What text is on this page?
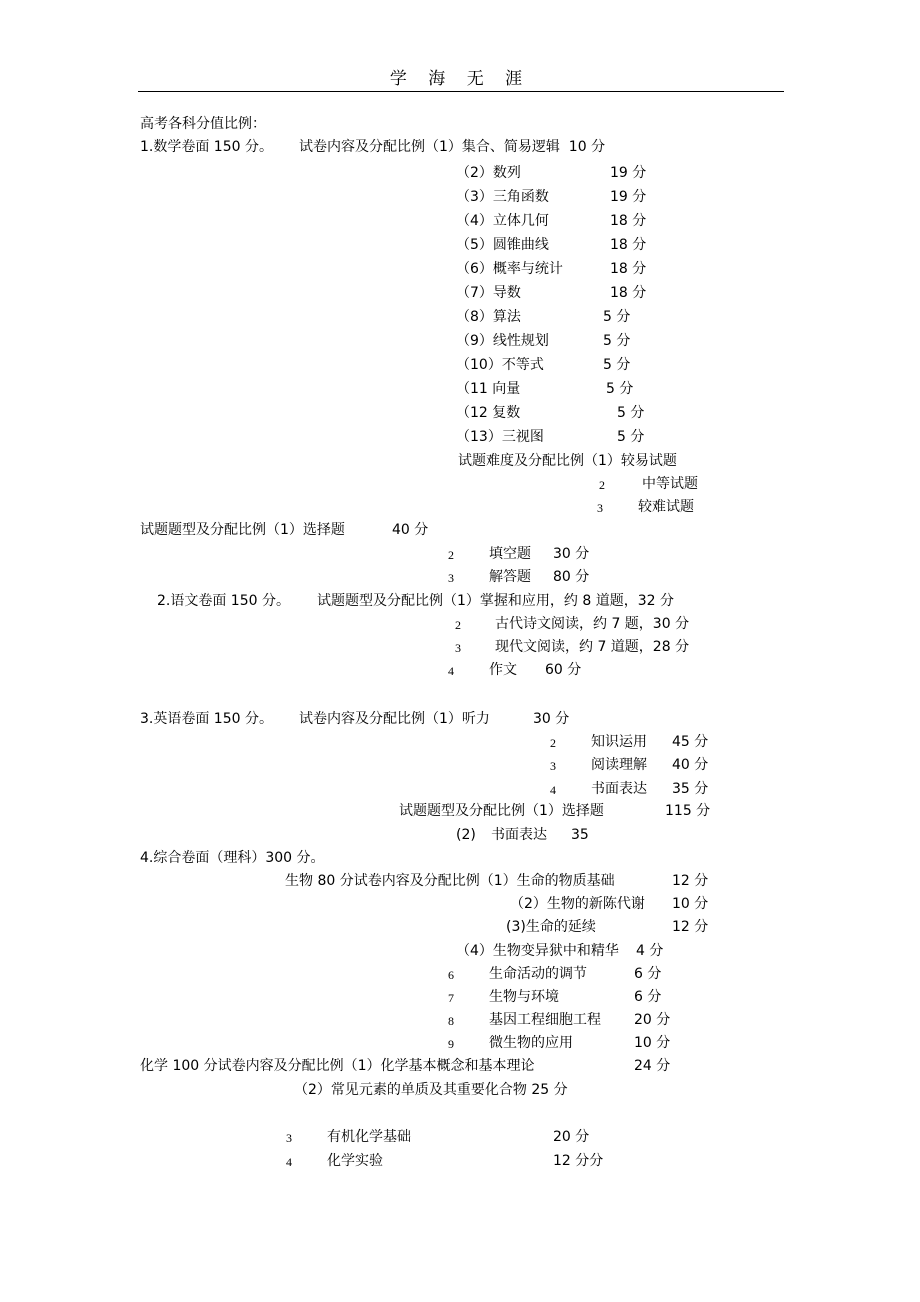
学 海 无 涯
高考各科分值比例：
1.数学卷面 150 分。 试卷内容及分配比例（1）集合、简易逻辑  10 分
（2）数列	19 分
（3）三角函数	19 分
（4）立体几何	18 分
（5）圆锥曲线	18 分
（6）概率与统计	18 分
（7）导数	18 分
（8）算法	5 分
（9）线性规划	5 分
（10）不等式	5 分
（11 向量	5 分
（12 复数	5 分
（13）三视图	5 分
试题难度及分配比例（1）较易试题
2	中等试题
3	较难试题
试题题型及分配比例（1）选择题	40 分
2	填空题 30 分
3	解答题 80 分
2.语文卷面 150 分。 试题题型及分配比例（1）掌握和应用，约 8 道题，32 分
2 古代诗文阅读，约 7 题，30 分
3 现代文阅读，约 7 道题，28 分
4	作文 60 分
3.英语卷面 150 分。 试卷内容及分配比例（1）听力	30 分
2	知识运用 45 分
3	阅读理解 40 分
4	书面表达 35 分
试题题型及分配比例（1）选择题	115 分
(2) 书面表达 35
4.综合卷面（理科）300 分。
生物 80 分试卷内容及分配比例（1）生命的物质基础	12 分
（2）生物的新陈代谢 10 分
(3)生命的延续	12 分
（4）生物变异狱中和精华 4 分
6	生命活动的调节	6 分
7	生物与环境	6 分
8	基因工程细胞工程 20 分
9	微生物的应用	10 分
化学 100 分试卷内容及分配比例（1）化学基本概念和基本理论	24 分
（2）常见元素的单质及其重要化合物 25 分
3	有机化学基础	20 分
4	化学实验	12 分分
